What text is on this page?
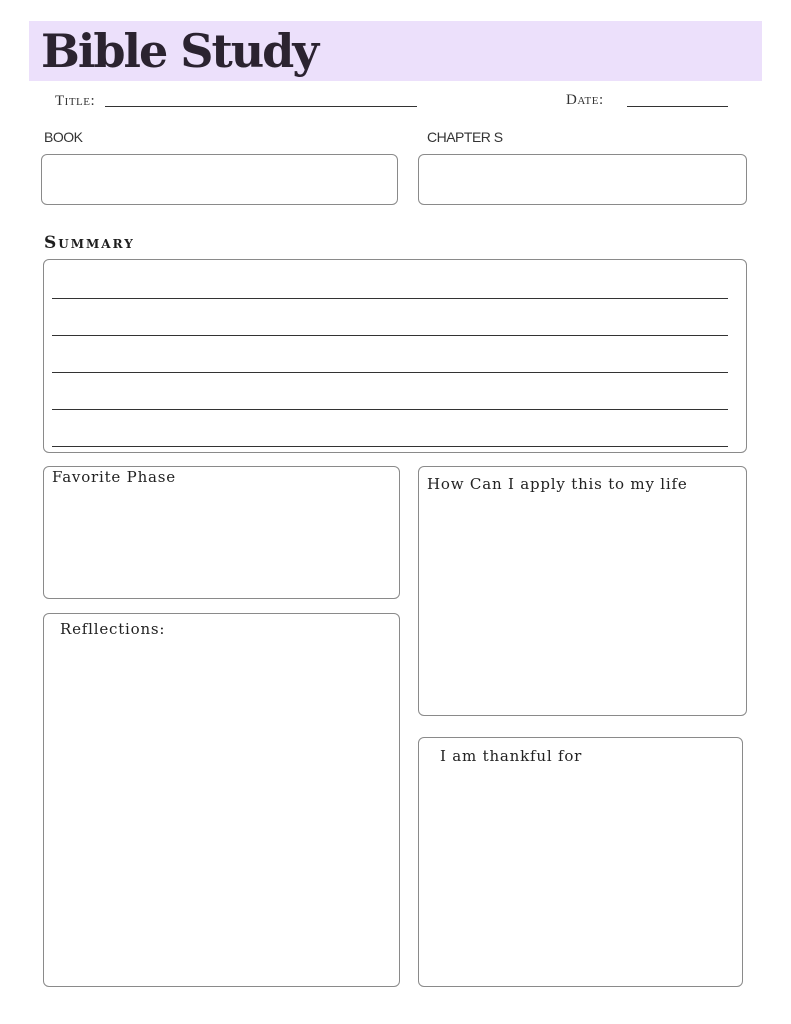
Bible Study
Title:	Date:
BOOK	CHAPTER S
Summary
Favorite Phase	How Can I apply this to my life
Refllections:
I am thankful for
